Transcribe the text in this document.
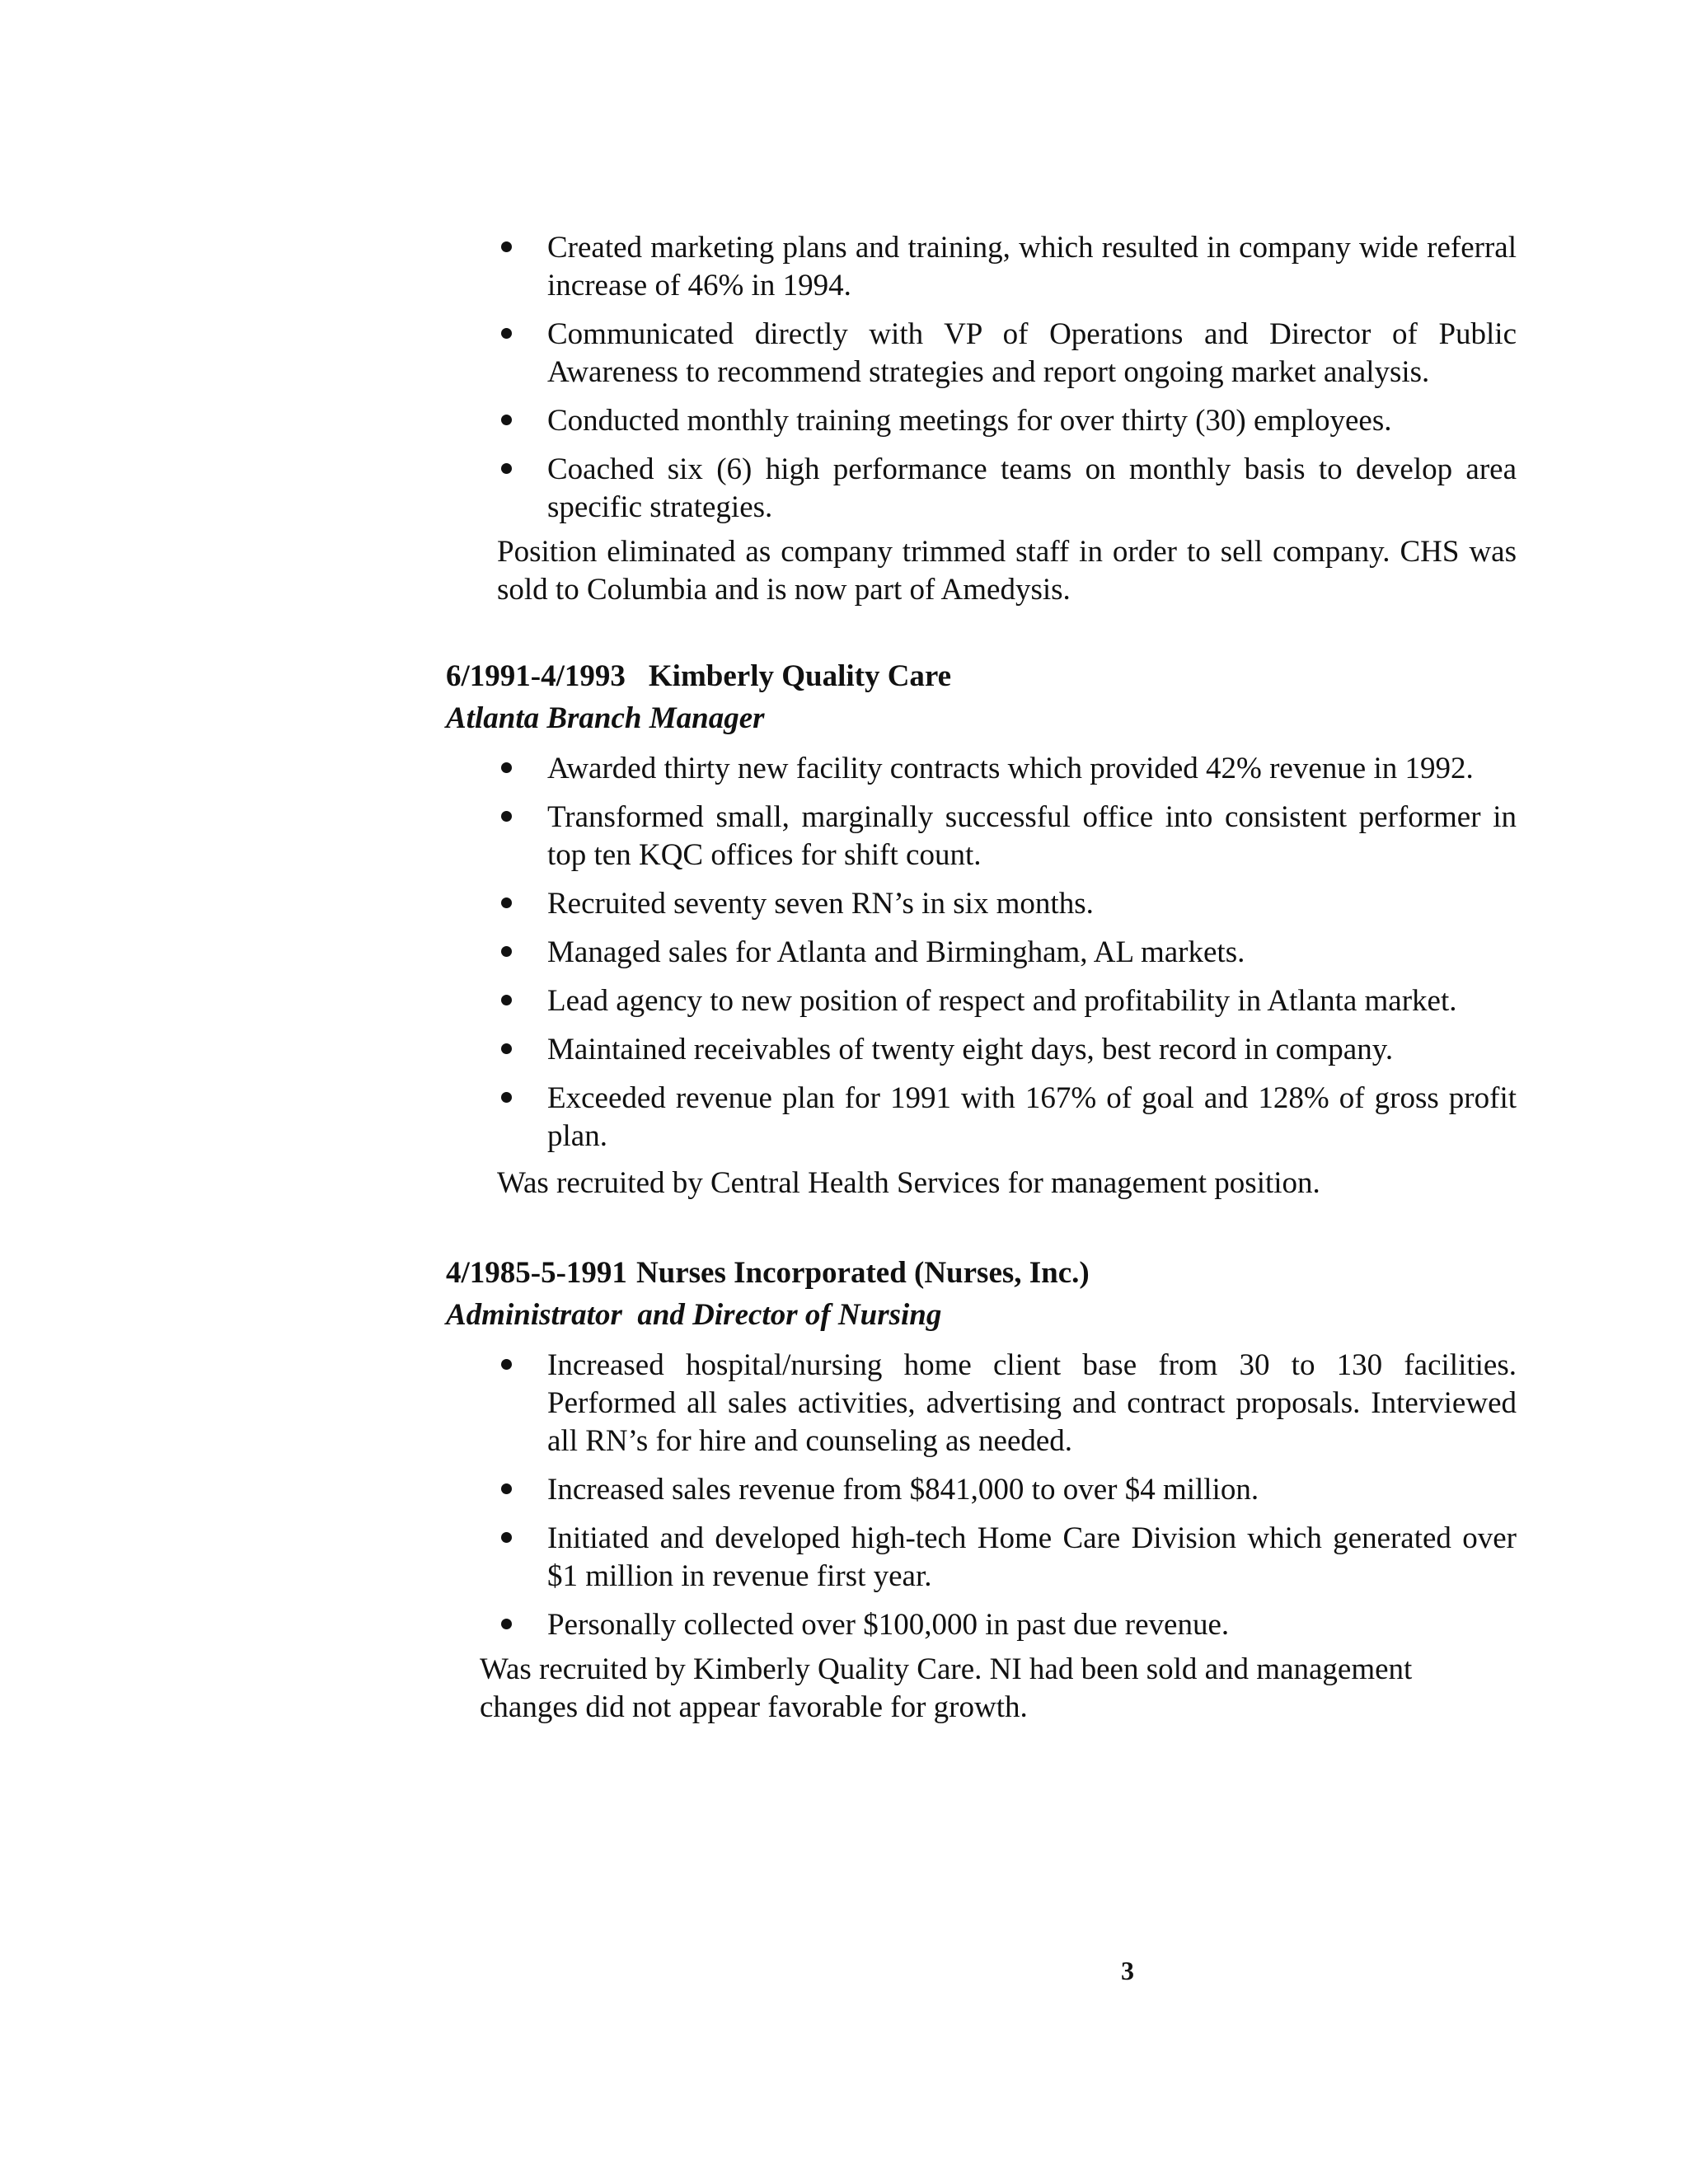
Created marketing plans and training, which resulted in company wide referral increase of 46% in 1994.
Communicated directly with VP of Operations and Director of Public Awareness to recommend strategies and report ongoing market analysis.
Conducted monthly training meetings for over thirty (30) employees.
Coached six (6) high performance teams on monthly basis to develop area specific strategies.
Position eliminated as company trimmed staff in order to sell company. CHS was sold to Columbia and is now part of Amedysis.
6/1991-4/1993 Kimberly Quality Care
Atlanta Branch Manager
Awarded thirty new facility contracts which provided 42% revenue in 1992.
Transformed small, marginally successful office into consistent performer in top ten KQC offices for shift count.
Recruited seventy seven RN’s in six months.
Managed sales for Atlanta and Birmingham, AL markets.
Lead agency to new position of respect and profitability in Atlanta market.
Maintained receivables of twenty eight days, best record in company.
Exceeded revenue plan for 1991 with 167% of goal and 128% of gross profit plan.
Was recruited by Central Health Services for management position.
4/1985-5-1991 Nurses Incorporated (Nurses, Inc.)
Administrator  and Director of Nursing
Increased hospital/nursing home client base from 30 to 130 facilities. Performed all sales activities, advertising and contract proposals. Interviewed all RN’s for hire and counseling as needed.
Increased sales revenue from $841,000 to over $4 million.
Initiated and developed high-tech Home Care Division which generated over $1 million in revenue first year.
Personally collected over $100,000 in past due revenue.
Was recruited by Kimberly Quality Care. NI had been sold and management changes did not appear favorable for growth.
3
